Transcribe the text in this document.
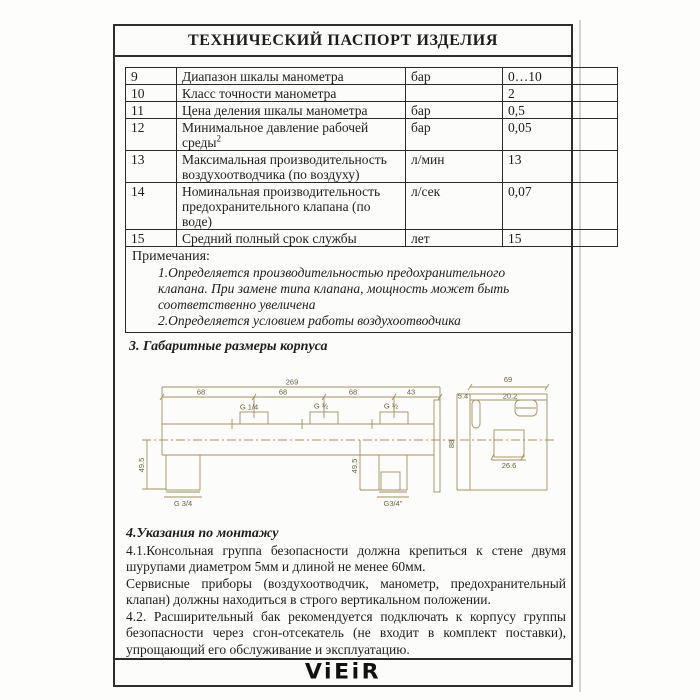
ТЕХНИЧЕСКИЙ ПАСПОРТ ИЗДЕЛИЯ
9	Диапазон шкалы манометра	бар	0…10
10	Класс точности манометра		2
11	Цена деления шкалы манометра	бар	0,5
12	Минимальное давление рабочей среды$^2$	бар	0,05
13	Максимальная производительность воздухоотводчика (по воздуху)	л/мин	13
14	Номинальная производительность предохранительного клапана (по воде)	л/сек	0,07
15	Средний полный срок службы	лет	15
Примечания:
1.Определяется производительностью предохранительного клапана. При замене типа клапана, мощность может быть соответственно увеличена
2.Определяется условием работы воздухоотводчика
3. Габаритные размеры корпуса
269
68	68	68	43
G 1/4	G ½	G ½
G 3/4	G3/4"
49.5	49.5
69
5.4	20.2
26.6
88
4.Указания по монтажу

4.1.Консольная группа безопасности должна крепиться к стене двумя шурупами диаметром 5мм и длиной не менее 60мм.

Сервисные приборы (воздухоотводчик, манометр, предохранительный клапан) должны находиться в строго вертикальном положении.

4.2. Расширительный бак рекомендуется подключать к корпусу группы безопасности через сгон-отсекатель (не входит в комплект поставки), упрощающий его обслуживание и эксплуатацию.

ViEiR
